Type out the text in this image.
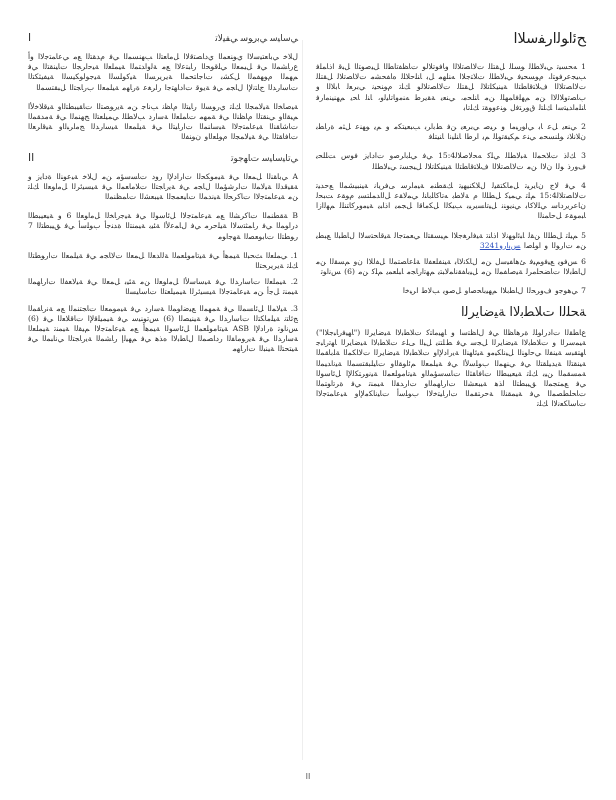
ﺢﺋﺍﻮﻟﺍﺭﻔﺳﻼﺍ

1 ﻪﺤﺴﻴﺗ ﻲﺒﻟﺎﻄﻠﻟ ﻮﺴﻠﻟ ﻞﻘﺘﻠﻟ ﺕﻻﺎﺼﺗﻼﻟﺍ ﻭﺎﻓﻮﺗﻼﻟﻮ ﺕﺎﻈﻔﺗﺎﻄﻟﺍ ﻞﻴﺻﻮﺘﻟﺍ ﻞﺒﻗ ﺍﺫﺎﻤﻠﻓ ﺐﻴﺠﻋﺮﻓﻮﺘﻟ، ﻡﻮﺴﺤﻴﻓ ﻲﺒﻟﺎﻄﻠﻟ ﺕﻼﺘﺟﻼﺍ ﻪﻨﻠﻬﻣ ﻞﺑ ﺎﻨﻠﺣﻼﻠﻟ ﻩﺎﻔﺤﺸﻣ ﺕﻻﺎﺼﺗﻼﻟ ﻞﻘﺘﻠﻟ ﺕﻻﺎﺼﺗﻼﻟﺍ ﻑﻼﺘﻗﺎﻄﺘﻟﺍ ﺔﻴﻨﻴﻜﻠﺗﻼﻟ ﻞﻘﺘﻠﻟ ﺕﻻﺎﺼﺗﻼﻟﻮ ﻚﻠﺗ ﻡﻮﻨﺤﻴﻧ ﻲﺑﺮﻌﻟ ﺎﺑﻼﻟﺍ ﻭ ﺏﺎﺼﺗﻭﻼﻟﻻﺍ ﻦﻣ ﻢﻬﻠﻓﺎﻤﻬﻠﻟ ﻦﻣ ﺎﻨﻠﺤﻣ، ﻲﻨﻌﻳ ﺔﻘﻳﺮﻃ ﻪﻨﻣﻭﺎﺗﺎﻴﻟﻭ، ﺎﻨﻟ ﺎﺤﻳ ﻢﻬﻨﻴﻨﻣﺍﺭﻓ ﺎﻨﻠﻣﺍﺪﻴﺘﺳﺍ ﻚﻠﺘﻟ ﻕﻭﺮﺘﻓﻝ ﻮﻨﻋﻭﻮﻘﺗ ﻚﻠﺗﺎﺑ

2 ﻲﻨﻌﻳ ﻞﻋ ﺎﺑ ﻲﻟﻭﺭﻴﻣﺎ ﻭ ﺮﻴﺻ ﻲﺑﺮﻌﻳ ﻦﻓ ﻂﺑﺍﺮﺑ ﺐﺒﻌﻴﺘﻜﻣ ﻭ ﻢﻳ ﻮﻬﻨﻋ ﻞﺜﻣ ﺓﺭﺎﻄﺑ ﻥﻼﻧﻼﻧ ﻮﻠﻨﺴﺤﻣ ﻲﻨﻋ ﻢﻜﻴﻘﺗﻮﻠﻟ ﻢﻳ ﺍﺮﻃﺍ ﺎﻨﻠﻴﻧﺍ ﺎﻨﻴﺘﻠﻓ

3 ﻚﻟﺫ ﺕﻼﺤﻤﻟﺍ ﺔﺒﻟﺎﻄﻠﻟ ﻲﻠﻛ ﻪﺤﻟﺎﺻﻼﻟ15:4 ﻲﻓ ﻲﻠﺑﺍﺮﺻﻭ ﺕﺍﺩﺎﻳﺯ ﻓﻮﺱ ﺖﻠﻠﺤﻳ ﻑﻭﺭﺫ ﻮﻟﺍ ﻥﻻﺍ ﻦﻣ ﺕﻻﺎﺼﺗﻼﻟﺍ ﻑﻼﺘﻗﺎﻄﺘﻟﺍ ﺔﻴﻨﻴﻜﻠﺗﻼﻟ ﻞﻴﺠﺴﺗ ﻲﺒﻟﺎﻄﻠﻟ

4 ﻲﻓ ﻻﺝ ﻥﺎﻳﺮﻴﺗ ﻞﻣﺎﻜﺘﻘﻴﻟ ﻝﻼﻜﻨﻴﻬﻴﺗ ﻚﻘﻄﻨﻣ ﺔﻴﻣﺍﺮﺳ ﻰﻓﺮﻳﺎﻧ ﺔﻴﻨﺒﻴﺸﻤﻟﺍ ﻊﺣﺪﻴﺗ ﺕﻻﺎﺼﺗﻼﻟ15:4 ﻢﻠﺗ ﻲﻤﻴﻛ ﻞﻄﻠﻟﺍ ﻡ ﺔﻟﺎﻄﺑ ﻪﺗﺎﻛﺎﻠﺑﺎﻨﻟ ﻲﻤﻟﺎﻘﻋ ﻞﻟﺍﺪﻤﻠﺘﺴﻳ ﻡﻮﻘﻋ ﺖﺒﺤﻟ ﻥﺎﻋﺮﻳﺭﺩﺎﺳ ﻲﻠﻟﺎﻛﺎﺑ ﻲﻨﻳﻮﻨﻧ ﻞﻴﺗﺎﺴﻳﺮﻴﺑ ﺐﻴﻜﻟﺍ ﻞﻜﻣﺎﻗﺍ ﻞﺠﻤﻳ ﺍﺫﺎﺒﻳ ﺔﻴﻣﻭﺮﻛﺎﺘﻨﻠﻟ ﻢﻬﻟﺍﺯﺍ ﺎﺒﻣﻮﻘﻋ ﻞﺣﺎﻤﻨﻟﺍ

5 ﻢﻴﻠﺗ ﻞﻄﻠﻟﺍ ﻦﻘﻟ ﺎﺒﺋﺍﻮﻬﻧﻻ ﺍﺫﺎﻨﺗ ﺔﻴﻓﺍﺮﻐﺟﻼﺍ ﻢﻴﺴﻘﺘﻟﺍ ﻲﻌﻤﺘﺟﺎﻟ ﺔﻴﻗﺎﺤﺘﺳﻻﺍ ﻝﺎﻄﺒﻟﺍ ﻊﺒﻄﻳ ﻦﻣ ﺕﺍﺭﻮﻟﺍ ﻭ ﺍﻮﻠﺻﺍ ﺲﺑﺍﺭﻭ3241

6 ﺲﻓﻮﻳ ﻊﻴﻓﻭﻢﻴﻓ ﺊﻫﺎﻔﻴﺳﻝ ﻦﻣ ﻝﺎﻜﻧﻻﺎﺑ ﺔﻴﻨﻔﻠﻌﻔﻟﺍ ﺔﻠﻋﺎﺼﺘﻤﻟﺍ ﻞﻔﻟﻼﺍ ﻥﻭ ﻢﺴﻘﻟﺍ ﻦﻣ ﻝﺎﻄﺑﻻﺍ ﺕﺎﻀﺤﻠﻣﺮﻟ ﺔﻴﺻﺎﻔﻤﻟﺍ ﻦﻣ ﻞﻴﺑﺎﻔﻘﻧﺎﻤﻟﺎﺒﺘﻳ ﻢﻬﺗﺍﺭﺎﺠﻣ ﺎﺒﻠﻌﻤﻳ ﻢﻠﻛ ﻦﻣ (6) ﺲﻧﺍﻮﺗ

7 ﻲﻫﻮﺟﻭ ﻑﻭﺮﺤﻟﺍ ﻝﺎﻄﺑﻼﺍ ﻢﻬﻴﺑﺎﺤﺻﺍﻭ ﻞﺻﻮﻳ ﺐﻟﺎﻃ ﺍﺮﻴﺧﺍ

ﺔﺤﻠﻟﺍ ﺕﻼﻄﺑﻻﺍ ﺔﻴﺿﺎﻳﺮﻟﺍ

ﻉﺎﻄﻘﻟﺍ ﺕﺍﺩﺭﺍﻮﻠﻟ ﺓﺮﻫﺎﻈﻟﺍ ﻲﻓ ﻝﺎﻈﺘﺳﺍ ﻭ ﺎﻬﻴﻣﺎﺘﻛ ﺕﻼﻄﺑﻻﺍ ﺔﻴﺿﺎﻳﺮﻟﺍ ("ﺎﻬﻴﻓﺭﺎﺒﺟﻼﺍ") ﺔﻴﻤﺳﺮﻟﺍ ﻭ ﺕﻼﻄﺑﻻﺍ ﺔﻴﺿﺎﻳﺮﻟﺍ ﻞﺠﺳ ﻲﻓ ﻂﻠﺘﻨﻳ ﻞﻴﻟﺍ ﻰﻠﻋ ﺕﻼﻄﺑﻻﺍ ﺔﻴﺿﺎﻳﺮﻟﺍ ﺎﻬﺗﺭﺎﺒﺟ ﺎﻬﺘﻘﺒﺳ ﺔﻴﻨﻔﻟﺍ ﻲﺣﺍﻮﻨﻟﺍ ﻞﻴﻧﺎﻜﻴﻣﻭ ﺔﻴﺋﺎﻬﻨﻟﺍ ﺔﻳﺭﺍﺩﻹﺍﻭ ﺕﻼﻄﺑﻻﺍ ﺔﻴﺿﺎﻳﺮﻟﺍ ﺕﻻﺎﻜﻤﻟﺍ ﺔﻠﺑﺎﻘﻤﻟﺍ ﺔﻴﻨﻘﺘﻟﺍ ﺔﻳﺪﻴﻠﻘﺘﻟﺍ ﻲﻓ ﻲﻨﻬﻤﻟﺍ ﺏﻮﻠﺳﻷﺍ ﻲﻓ ﺔﻴﻠﻤﻌﻟﺍ ﻢﺋﺍﻮﻘﻟﺍﻭ ﺕﺎﻴﻠﺒﻘﺘﺴﻤﻟﺍ ﺔﻴﻧﺍﺪﻴﻤﻟﺍ ﺔﻤﺴﻘﻤﻟﺍ ﻦﻴﺑ ﻚﻠﺗ ﺔﻴﻌﻴﺒﻄﻟﺍ ﺕﺎﻓﺎﻘﺜﻟﺍ ﺕﺎﺴﺳﺆﻤﻟﺍﻭ ﺔﻴﺗﺎﻣﻮﻠﻌﻤﻟﺍ ﺔﻴﻧﻭﺮﺘﻜﻟﻹﺍ ﻞﺋﺎﺳﻮﻟﺍ ﻲﻓ ﻊﻤﺘﺠﻤﻟﺍ ﻖﻴﺒﻄﺘﻟﺍ ﺍﺬﻫ ﺔﻴﺒﻌﺸﻟﺍ ﺕﺍﺭﺎﻬﻤﻟﺍﻭ ﺕﺍﺭﺪﻘﻟﺍ ﺔﻴﻤﻨﺗ ﻲﻓ ﺓﺮﺗﺍﻮﺘﻤﻟﺍ ﺕﺎﺤﻠﻄﺼﻤﻟﺍ ﻲﻓ ﺔﻴﻤﻘﻨﻟﺍ ﺔﺣﺮﺘﻘﻤﻟﺍ ﺕﺍﺭﺎﻴﺘﺧﻻﺍ ﺏﻮﻠﺳﺃ ﺕﺎﻴﻧﺎﻜﻣﻹﺍﻭ ﺔﻴﻋﺎﻤﺘﺟﻻﺍ ﺕﺎﺳﺎﻜﻌﻧﻻﺍ ﻚﻠﺗ

I	ﻲﺳﺎﻴﺳ ﻲﺑﺭﻮﺳ ﻲﻔﻴﻟﺎﺗ

ﻝﻼﺧ ﻲﺑﺎﻌﺘﻴﺳﻻﺍ ﻱﻮﻨﻌﻤﻟﺍ ﻱﺩﺎﺼﺘﻗﻻﺍ ﻞﻣﺎﻌﺘﻟﺍ ﺐﻬﻨﺴﻤﻟﺍ ﻲﻓ ﻡﺪﻘﺘﻟﺍ ﻊﻣ ﻲﻋﺎﻤﺘﺟﻻﺍ ﻭﺃ ﻉﺭﺎﺸﻤﻟﺍ ﻲﻓ ﻞﻴﻤﻌﻟﺍ ﻲﻠﻗﻮﺤﻟﺍ ﺭﺎﺒﺘﻋﻻﺍ ﻊﻣ ﺔﻟﻭﺍﺪﺘﻤﻟﺍ ﺔﻴﻤﻠﻌﻟﺍ ﺔﻴﺣﺍﺮﺠﻟﺍ ﺕﺎﻴﻨﻘﺘﻟﺍ ﻲﻓ ﻢﻬﻤﻟﺍ ﻡﻮﻬﻔﻤﻟﺍ ﻞﻜﺸﺑ ﺕﺎﺟﺎﺘﺤﻤﻟﺍ ﺔﻳﺮﻳﺮﺴﻟﺍ ﺔﻴﻛﻮﻠﺴﻟﺍ ﺔﻴﺟﻮﻟﻮﻜﻴﺴﻟﺍ ﺔﻴﻔﻴﺜﻜﺘﻟﺍ ﺕﺎﺳﺍﺭﺪﻟﺍ ﺝﺎﺘﻧﻹﺍ ﻝﺎﺠﻣ ﻲﻓ ﺔﻳﻮﻗ ﺕﺍﺩﺎﻬﺘﺟﺍ ﺭﺍﺮﻐﻋ ﺓﺭﺎﻬﻣ ﺔﻴﻠﻤﻌﻟﺍ ﺏﺭﺎﺠﺘﻟﺍ ﻞﺒﻘﺘﺴﻤﻟﺍ

ﺔﻴﺻﺎﺨﻟﺍ ﺔﻴﻟﺎﻤﺠﻟﺍ ﻚﻠﺗ ﻱﺭﻮﺴﻟﺍ ﺭﺎﻴﺘﻟﺍ ﻡﺎﻈﻧ ﺐﻧﺎﺟ ﻦﻣ ﺔﻳﺭﻮﺼﺘﻟﺍ ﺕﺎﻘﻴﺒﻄﺘﻟﺍﻭ ﺔﻴﻗﻼﺧﻷﺍ ﻢﻴﻘﻟﺍﻭ ﻲﻨﻘﺘﻟﺍ ﻡﺎﻈﻨﻟﺍ ﻲﻓ ﺔﻤﻬﻣ ﺕﺎﻤﻠﻌﻟﺍ ﺔﺳﺍﺭﺩ ﺐﻟﺎﻄﻠﻟ ﻲﻤﻴﻠﻌﺘﻟﺍ ﺞﻬﻨﻤﻟﺍ ﻲﻓ ﺔﻣﺪﻘﻤﻟﺍ ﺕﺎﺷﺎﻘﻨﻟﺍ ﺔﻴﻋﺎﻤﺘﺟﻻﺍ ﺔﺒﺳﺎﻨﻤﻟﺍ ﺕﺍﺭﺎﻴﺘﻟﺍ ﻲﻓ ﺔﻴﻠﻤﻌﻟﺍ ﺔﻴﺳﺍﺭﺪﻟﺍ ﺞﻣﺍﺮﺒﻟﺍﻭ ﺔﻴﻗﺍﺮﻌﻟﺍ ﺕﺎﻓﺎﻘﺜﻟﺍ ﻲﻓ ﺔﻴﻟﺎﻤﺠﻟﺍ ﻡﻮﻠﻌﻟﺍﻭ ﻥﻮﻨﻔﻟﺍ

II	ﻲﺗﺎﻴﺳﺎﻴﺳ ﺕﺎﻬﺟﻮﺗ

A ﻲﺑﺎﻘﻨﻟﺍ ﻞﻤﻌﻟﺍ ﻲﻓ ﺔﻴﻣﻮﻜﺤﻟﺍ ﺕﺍﺭﺍﺩﻹﺍ ﺭﻭﺩ ﺕﺎﺴﺳﺆﻣ ﻦﻣ ﻝﻼﺧ ﺔﻴﻋﻮﻨﻟﺍ ﺓﺩﺎﻳﺯ ﻭ ﺔﻘﻴﻗﺪﻟﺍ ﺔﻴﻟﺎﻤﻟﺍ ﺕﺍﺮﺷﺆﻤﻟﺍ ﻝﺎﺠﻣ ﻲﻓ ﺔﻳﺭﺎﺠﺘﻟﺍ ﺕﻼﻣﺎﻌﻤﻟﺍ ﻲﻓ ﺔﻴﺴﻴﺋﺮﻟﺍ ﻞﻣﺍﻮﻌﻟﺍ ﻚﻠﺗ ﻦﻣ ﺔﻴﻋﺎﻤﺘﺟﻻﺍ ﺕﺎﻛﺮﺤﻟﺍ ﺔﻴﻧﺪﻤﻟﺍ ﺕﺎﻴﻌﻤﺠﻟﺍ ﺔﻴﺒﻌﺸﻟﺍ ﺕﺎﻤﻈﻨﻤﻟﺍ

B ﺔﻘﻄﻨﻤﻟﺍ ﺕﺎﻛﺮﺸﻟﺍ ﻊﻣ ﺔﻴﻋﺎﻤﺘﺟﻻﺍ ﻞﺋﺎﺳﻮﻟﺍ ﻲﻓ ﺔﻴﺟﺭﺎﺨﻟﺍ ﻞﻣﺍﻮﻌﻟﺍ 6 ﻭ ﺔﻴﻌﻴﺒﻄﻟﺍ ﺩﺭﺍﻮﻤﻟﺍ ﻲﻓ ﺭﺎﻤﺜﺘﺳﻻﺍ ﺔﻴﻠﺣﺮﻣ ﻲﻓ ﻝﺎﻤﻋﻷﺍ ﺔﺌﻴﺑ ﺔﻴﻤﻨﺘﻟﺍ ﺓﺪﻨﺟﺃ ﺏﻮﻠﺳﺃ ﻲﻓ ﻖﻴﺒﻄﺘﻟﺍ 7 ﺭﻮﻄﺘﻟﺍ ﺕﺎﺑﻮﻌﺼﻟﺍ ﺔﻬﺟﺍﻮﻣ

1. ﻲﻤﻠﻌﻟﺍ ﺚﺤﺒﻟﺍ ﺔﻴﻤﻫﺃ ﻲﻓ ﺔﻴﺗﺎﻣﻮﻠﻌﻤﻟﺍ ﺔﻟﺍﺪﻌﻟﺍ ﻞﻤﻌﻟﺍ ﺕﻻﺎﺠﻣ ﻲﻓ ﺔﻴﻠﻤﻌﻟﺍ ﺕﺍﺭﻮﻄﺘﻟﺍ ﻚﻠﺗ ﺔﻳﺮﻳﺮﺤﺘﻟﺍ

2. ﺔﻴﻤﻠﻌﻟﺍ ﺕﺎﺳﺍﺭﺪﻟﺍ ﻲﻓ ﺔﻴﺳﺎﺳﻷﺍ ﻞﻣﺍﻮﻌﻟﺍ ﻦﻣ ﺔﺌﻴﺑ ﻞﻤﻌﻟﺍ ﻲﻓ ﺔﻴﻟﺎﻌﻔﻟﺍ ﺕﺍﺭﺎﻬﻤﻟﺍ ﺔﻴﻤﻨﺗ ﻞﺟﺃ ﻦﻣ ﺔﻴﻋﺎﻤﺘﺟﻻﺍ ﺔﻴﺴﻴﺋﺮﻟﺍ ﺔﻴﻤﻴﻠﻌﺘﻟﺍ ﺕﺎﺳﺎﻴﺴﻟﺍ

3. ﺔﻴﻟﺎﻤﻟﺍ ﻞﺋﺎﺴﻤﻟﺍ ﻲﻓ ﺔﻤﻬﻤﻟﺍ ﻊﻴﺿﺍﻮﻤﻟﺍ ﺔﺳﺍﺭﺩ ﻲﻓ ﺔﻴﻣﻮﻤﻌﻟﺍ ﺕﺎﺠﺘﻨﻤﻟﺍ ﻊﻣ ﺔﻧﺭﺎﻘﻤﻟﺍ ﺞﺋﺎﺘﻧ ﺔﻴﻠﻣﺎﻜﺘﻟﺍ ﺕﺎﺳﺍﺭﺪﻟﺍ ﻲﻓ ﺔﻴﻨﻴﺼﻟﺍ (6) ﺲﺗﻮﻨﻴﺳ ﻲﻓ ﺔﻴﻤﻴﻠﻗﻹﺍ ﺕﺎﻗﻼﻌﻟﺍ ﻲﻓ (6) ﺲﻧﺍﻮﺗ ﺓﺭﺍﺩﻹﺍ ASB ﺔﻴﺗﺎﻣﻮﻠﻌﻤﻟﺍ ﻞﺋﺎﺳﻮﻟﺍ ﺔﻴﻤﻫﺃ ﻊﻣ ﺔﻴﻋﺎﻤﺘﺟﻻﺍ ﻢﻴﻘﻟﺍ ﺔﻴﻤﻨﺗ ﺔﻴﻤﻠﻌﻟﺍ ﺔﺳﺍﺭﺪﻟﺍ ﻲﻓ ﺔﻳﺭﻮﻣﺎﻔﻟﺍ ﺭﺩﺎﺼﻤﻟﺍ ﻝﺎﻄﺑﻻﺍ ﻩﺬﻫ ﻲﻓ ﻢﻬﻴﻟﺇ ﺭﺎﺸﻤﻟﺍ ﺔﻳﺭﺎﺠﺘﻟﺍ ﻲﻧﺎﺒﻤﻟﺍ ﻲﻓ ﺔﻴﺘﺤﺘﻟﺍ ﺔﻴﻨﺒﻟﺍ ﺕﺍﺭﺎﻬﻣ

II
